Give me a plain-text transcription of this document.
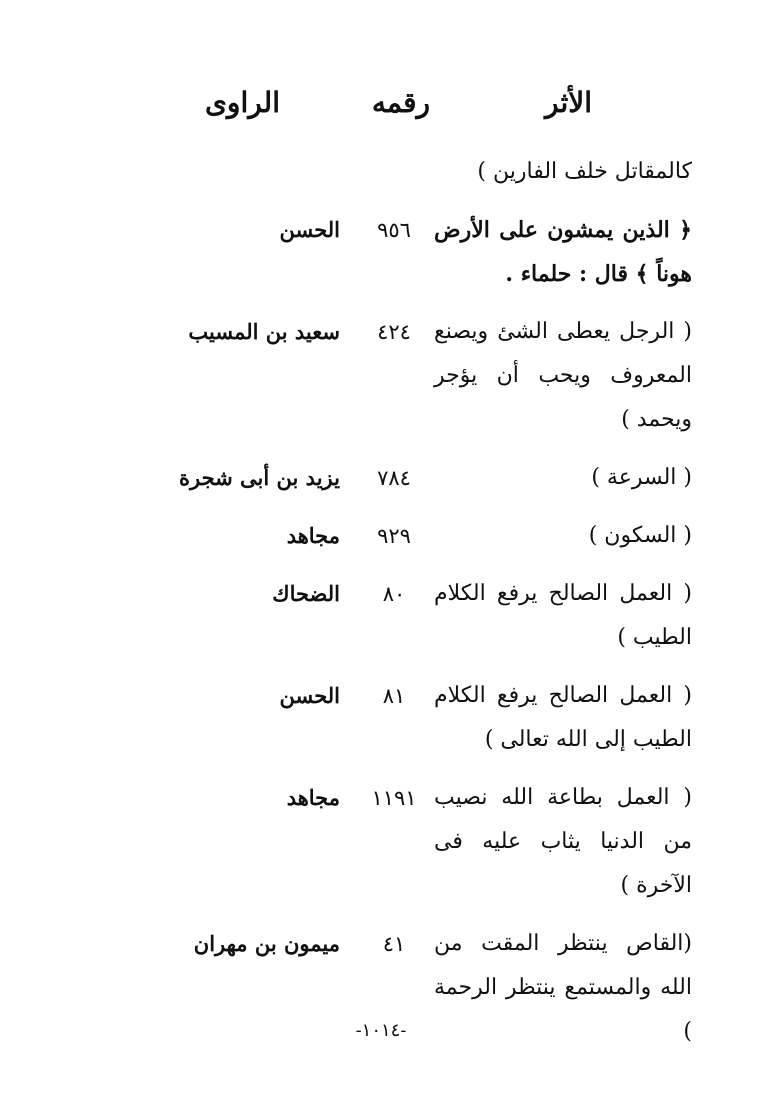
الأثر
رقمه
الراوى
كالمقاتل خلف الفارين )
﴿ الذين يمشون على الأرض هوناً ﴾ قال : حلماء .
٩٥٦
الحسن
( الرجل يعطى الشئ ويصنع المعروف ويحب أن يؤجر ويحمد )
٤٢٤
سعيد بن المسيب
( السرعة )
٧٨٤
يزيد بن أبى شجرة
( السكون )
٩٢٩
مجاهد
( العمل الصالح يرفع الكلام الطيب )
٨٠
الضحاك
( العمل الصالح يرفع الكلام الطيب إلى الله تعالى )
٨١
الحسن
( العمل بطاعة الله نصيب من الدنيا يثاب عليه فى الآخرة )
١١٩١
مجاهد
(القاص ينتظر المقت من الله والمستمع ينتظر الرحمة )
٤١
ميمون بن مهران
-١٠١٤-
